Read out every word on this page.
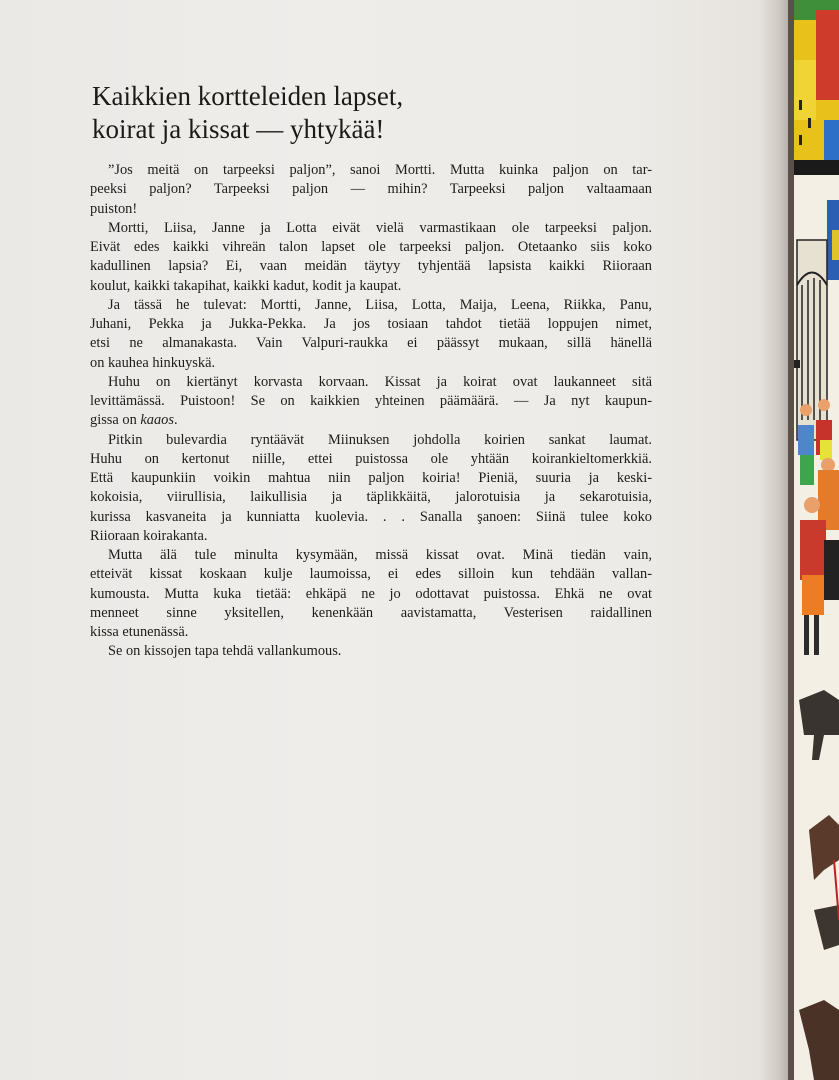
Kaikkien kortteleiden lapset,
koirat ja kissat — yhtykää!
”Jos meitä on tarpeeksi paljon”, sanoi Mortti. Mutta kuinka paljon on tar-
peeksi paljon? Tarpeeksi paljon — mihin? Tarpeeksi paljon valtaamaan
puiston!
Mortti, Liisa, Janne ja Lotta eivät vielä varmastikaan ole tarpeeksi paljon.
Eivät edes kaikki vihreän talon lapset ole tarpeeksi paljon. Otetaanko siis koko
kadullinen lapsia? Ei, vaan meidän täytyy tyhjentää lapsista kaikki Riioraan
koulut, kaikki takapihat, kaikki kadut, kodit ja kaupat.
Ja tässä he tulevat: Mortti, Janne, Liisa, Lotta, Maija, Leena, Riikka, Panu,
Juhani, Pekka ja Jukka-Pekka. Ja jos tosiaan tahdot tietää loppujen nimet,
etsi ne almanakasta. Vain Valpuri-raukka ei päässyt mukaan, sillä hänellä
on kauhea hinkuyskä.
Huhu on kiertänyt korvasta korvaan. Kissat ja koirat ovat laukanneet sitä
levittämässä. Puistoon! Se on kaikkien yhteinen päämäärä. — Ja nyt kaupun-
gissa on kaaos.
Pitkin bulevardia ryntäävät Miinuksen johdolla koirien sankat laumat.
Huhu on kertonut niille, ettei puistossa ole yhtään koirankieltomerkkiä.
Että kaupunkiin voikin mahtua niin paljon koiria! Pieniä, suuria ja keski-
kokoisia, viirullisia, laikullisia ja täplikkäitä, jalorotuisia ja sekarotuisia,
kurissa kasvaneita ja kunniatta kuolevia. . . Sanalla şanoen: Siinä tulee koko
Riioraan koirakanta.
Mutta älä tule minulta kysymään, missä kissat ovat. Minä tiedän vain,
etteivät kissat koskaan kulje laumoissa, ei edes silloin kun tehdään vallan-
kumousta. Mutta kuka tietää: ehkäpä ne jo odottavat puistossa. Ehkä ne ovat
menneet sinne yksitellen, kenenkään aavistamatta, Vesterisen raidallinen
kissa etunenässä.
Se on kissojen tapa tehdä vallankumous.
